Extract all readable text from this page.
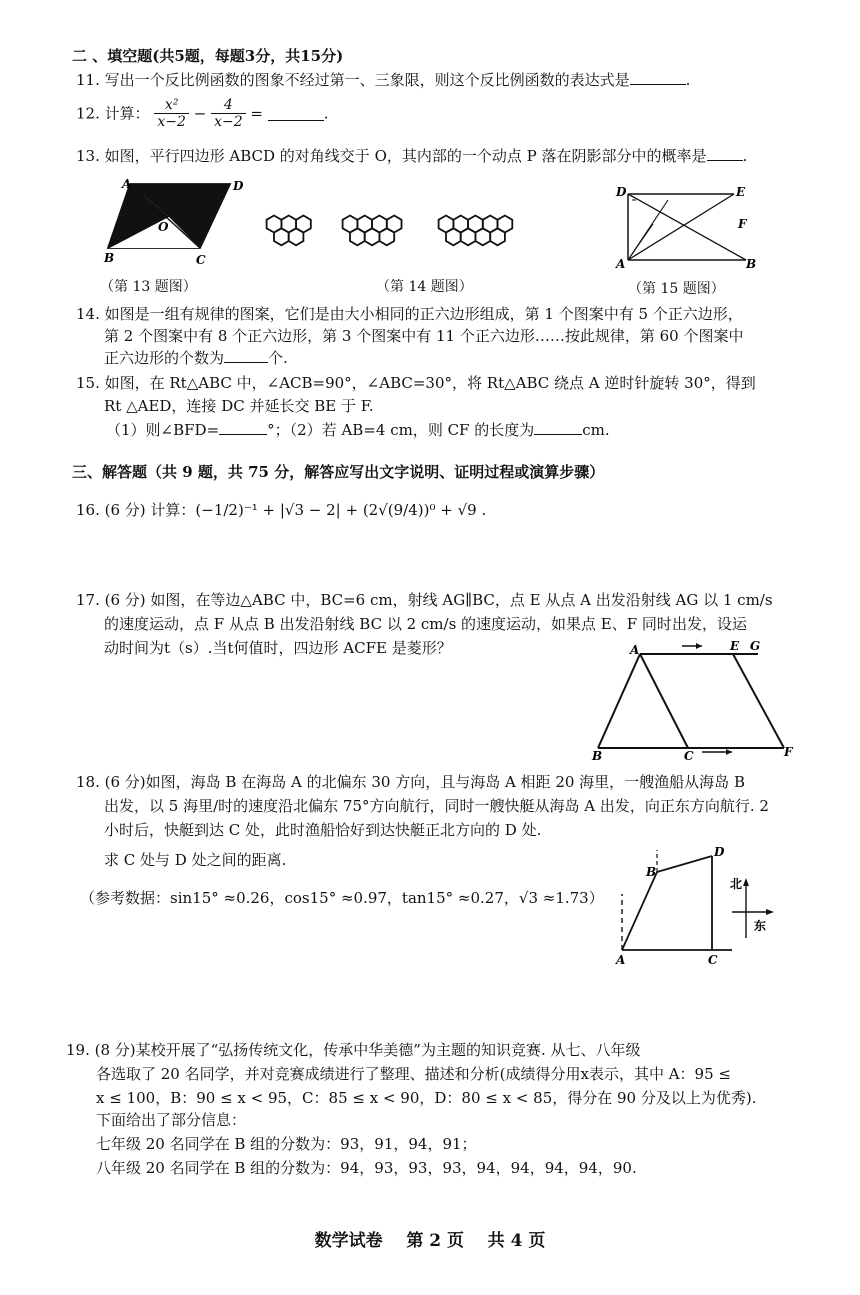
二 、填空题(共5题，每题3分，共15分)
11. 写出一个反比例函数的图象不经过第一、三象限，则这个反比例函数的表达式是	.
12. 计算： $\frac{\text{x²}}{x-2} - \frac{4}{x-2}$ =	.
13. 如图，平行四边形 ABCD 的对角线交于 O，其内部的一个动点 P 落在阴影部分中的概率是 .
A	D
B	C
O
（第 13 题图）	（第 14 题图）
D	E
F
A	B
（第 15 题图）
14. 如图是一组有规律的图案，它们是由大小相同的正六边形组成，第 1 个图案中有 5 个正六边形，
第 2 个图案中有 8 个正六边形，第 3 个图案中有 11 个正六边形……按此规律，第 60 个图案中
正六边形的个数为	个.
15. 如图，在 Rt△ABC 中，∠ACB=90°，∠ABC=30°，将 Rt△ABC 绕点 A 逆时针旋转 30°，得到
Rt △AED，连接 DC 并延长交 BE 于 F.
（1）则∠BFD=	°；（2）若 AB=4 cm，则 CF 的长度为	cm.
三、解答题（共 9 题，共 75 分，解答应写出文字说明、证明过程或演算步骤）
16. (6 分) 计算：(−1/2)⁻¹ + |√3 − 2| + (2√(9/4))⁰ + √9 .
17. (6 分) 如图，在等边△ABC 中，BC=6 cm，射线 AG∥BC，点 E 从点 A 出发沿射线 AG 以 1 cm/s
的速度运动，点 F 从点 B 出发沿射线 BC 以 2 cm/s 的速度运动，如果点 E、F 同时出发，设运
动时间为t（s）.当t何值时，四边形 ACFE 是菱形？	A	E G
B	C	F
18. (6 分)如图，海岛 B 在海岛 A 的北偏东 30 方向，且与海岛 A 相距 20 海里，一艘渔船从海岛 B
出发，以 5 海里/时的速度沿北偏东 75°方向航行，同时一艘快艇从海岛 A 出发，向正东方向航行. 2
小时后，快艇到达 C 处，此时渔船恰好到达快艇正北方向的 D 处.
求 C 处与 D 处之间的距离.
（参考数据：sin15° ≈0.26，cos15° ≈0.97，tan15° ≈0.27，√3 ≈1.73）
A
B
C
D
北
东
19. (8 分)某校开展了“弘扬传统文化，传承中华美德”为主题的知识竞赛. 从七、八年级
各选取了 20 名同学，并对竞赛成绩进行了整理、描述和分析(成绩得分用x表示，其中 A：95 ≤
x ≤ 100，B：90 ≤ x < 95，C：85 ≤ x < 90，D：80 ≤ x < 85，得分在 90 分及以上为优秀).
下面给出了部分信息：
七年级 20 名同学在 B 组的分数为：93，91，94，91；
八年级 20 名同学在 B 组的分数为：94，93，93，93，94，94，94，94，90.
数学试卷    第 2 页    共 4 页
